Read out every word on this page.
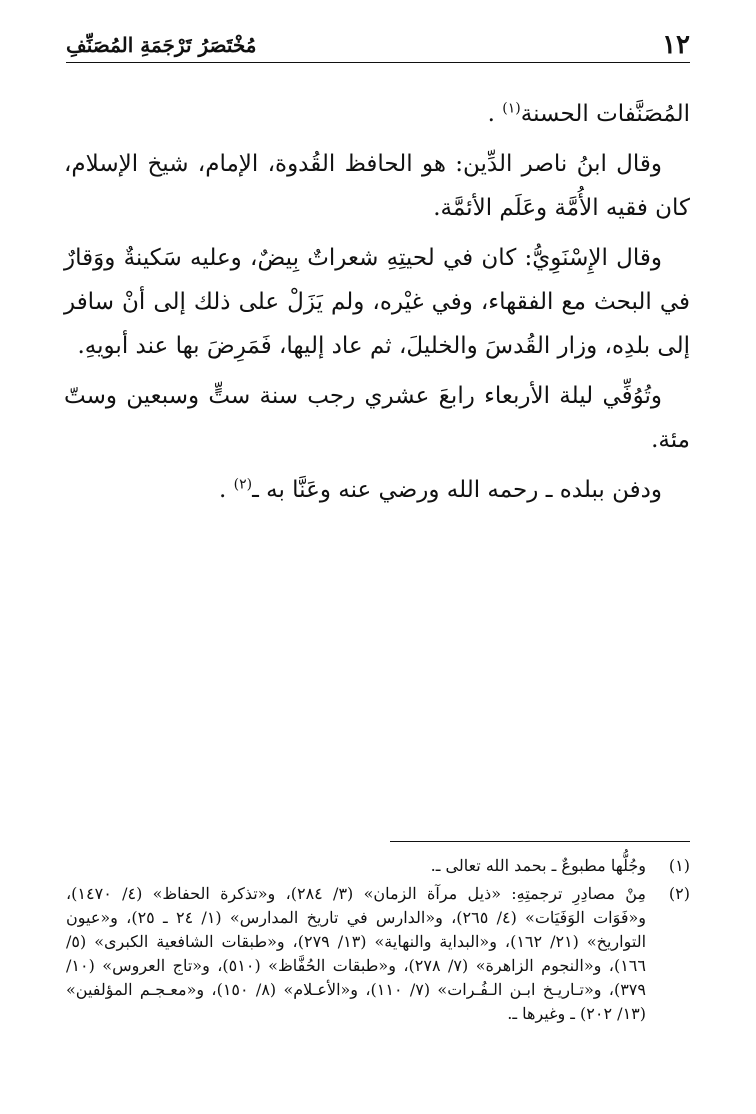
١٢
مُخْتَصَرُ تَرْجَمَةِ المُصَنِّفِ

المُصَنَّفات الحسنة$^{(١)}$ .

وقال ابنُ ناصر الدِّين: هو الحافظ القُدوة، الإمام، شيخ الإسلام، كان فقيه الأُمَّة وعَلَم الأئمَّة.

وقال الإِسْنَوِيُّ: كان في لحيتِهِ شعراتٌ بِيضٌ، وعليه سَكينةٌ ووَقارٌ في البحث مع الفقهاء، وفي غيْره، ولم يَزَلْ على ذلك إلى أنْ سافر إلى بلدِه، وزار القُدسَ والخليلَ، ثم عاد إليها، فَمَرِضَ بها عند أبويهِ.

وتُوُفِّي ليلة الأربعاء رابعَ عشري رجب سنة ستٍّ وسبعين وستّ مئة.

ودفن ببلده ـ رحمه الله ورضي عنه وعَنَّا به ـ$^{(٢)}$ .

(١)
وجُلُّها مطبوعٌ ـ بحمد الله تعالى ـ.
(٢)
مِنْ مصادِرِ ترجمتِهِ: «ذيل مرآة الزمان» (٣/ ٢٨٤)، و«تذكرة الحفاظ» (٤/ ١٤٧٠)، و«فَوَات الوَفَيَات» (٤/ ٢٦٥)، و«الدارس في تاريخ المدارس» (١/ ٢٤ ـ ٢٥)، و«عيون التواريخ» (٢١/ ١٦٢)، و«البداية والنهاية» (١٣/ ٢٧٩)، و«طبقات الشافعية الكبرى» (٥/ ١٦٦)، و«النجوم الزاهرة» (٧/ ٢٧٨)، و«طبقات الحُفَّاظ» (٥١٠)، و«تاج العروس» (١٠/ ٣٧٩)، و«تـاريـخ ابـن الـفُـرات» (٧/ ١١٠)، و«الأعـلام» (٨/ ١٥٠)، و«معـجـم المؤلفين» (١٣/ ٢٠٢) ـ وغيرها ـ.
